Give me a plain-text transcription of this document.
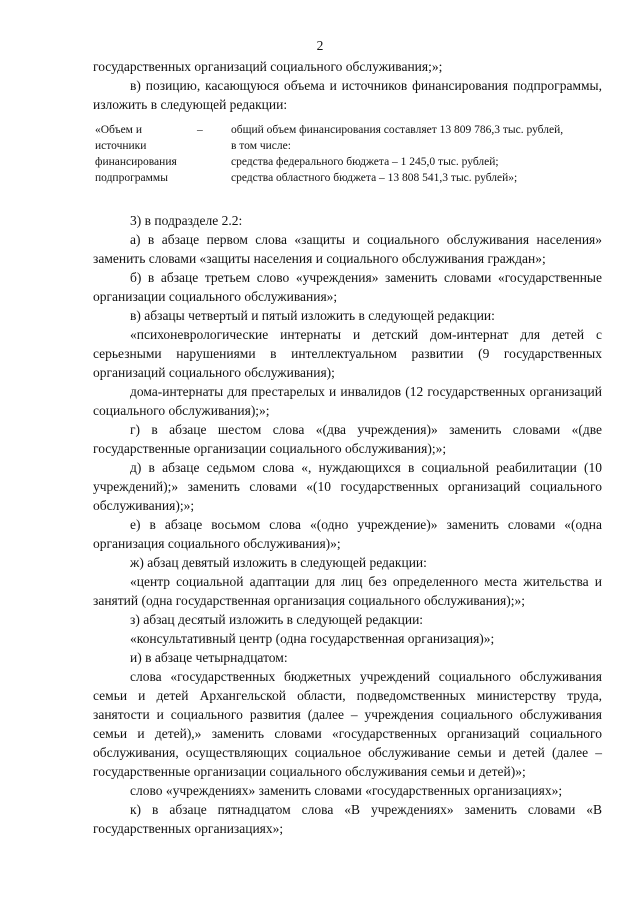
2

государственных организаций социального обслуживания;»;

в) позицию, касающуюся объема и источников финансирования подпрограммы, изложить в следующей редакции:

«Объем и источники финансирования подпрограммы
–	общий объем финансирования составляет 13 809 786,3 тыс. рублей,
в том числе:
средства федерального бюджета – 1 245,0 тыс. рублей;
средства областного бюджета – 13 808 541,3 тыс. рублей»;

3) в подразделе 2.2:

а) в абзаце первом слова «защиты и социального обслуживания населения» заменить словами «защиты населения и социального обслуживания граждан»;

б) в абзаце третьем слово «учреждения» заменить словами «государственные организации социального обслуживания»;

в) абзацы четвертый и пятый изложить в следующей редакции:

«психоневрологические интернаты и детский дом-интернат для детей с серьезными нарушениями в интеллектуальном развитии (9 государственных организаций социального обслуживания);

дома-интернаты для престарелых и инвалидов (12 государственных организаций социального обслуживания);»;

г) в абзаце шестом слова «(два учреждения)» заменить словами «(две государственные организации социального обслуживания);»;

д) в абзаце седьмом слова «, нуждающихся в социальной реабилитации (10 учреждений);» заменить словами «(10 государственных организаций социального обслуживания);»;

е) в абзаце восьмом слова «(одно учреждение)» заменить словами «(одна организация социального обслуживания)»;

ж) абзац девятый изложить в следующей редакции:

«центр социальной адаптации для лиц без определенного места жительства и занятий (одна государственная организация социального обслуживания);»;

з) абзац десятый изложить в следующей редакции:

«консультативный центр (одна государственная организация)»;

и) в абзаце четырнадцатом:

слова «государственных бюджетных учреждений социального обслуживания семьи и детей Архангельской области, подведомственных министерству труда, занятости и социального развития (далее – учреждения социального обслуживания семьи и детей),» заменить словами «государственных организаций социального обслуживания, осуществляющих социальное обслуживание семьи и детей (далее – государственные организации социального обслуживания семьи и детей)»;

слово «учреждениях» заменить словами «государственных организациях»;

к) в абзаце пятнадцатом слова «В учреждениях» заменить словами «В государственных организациях»;
